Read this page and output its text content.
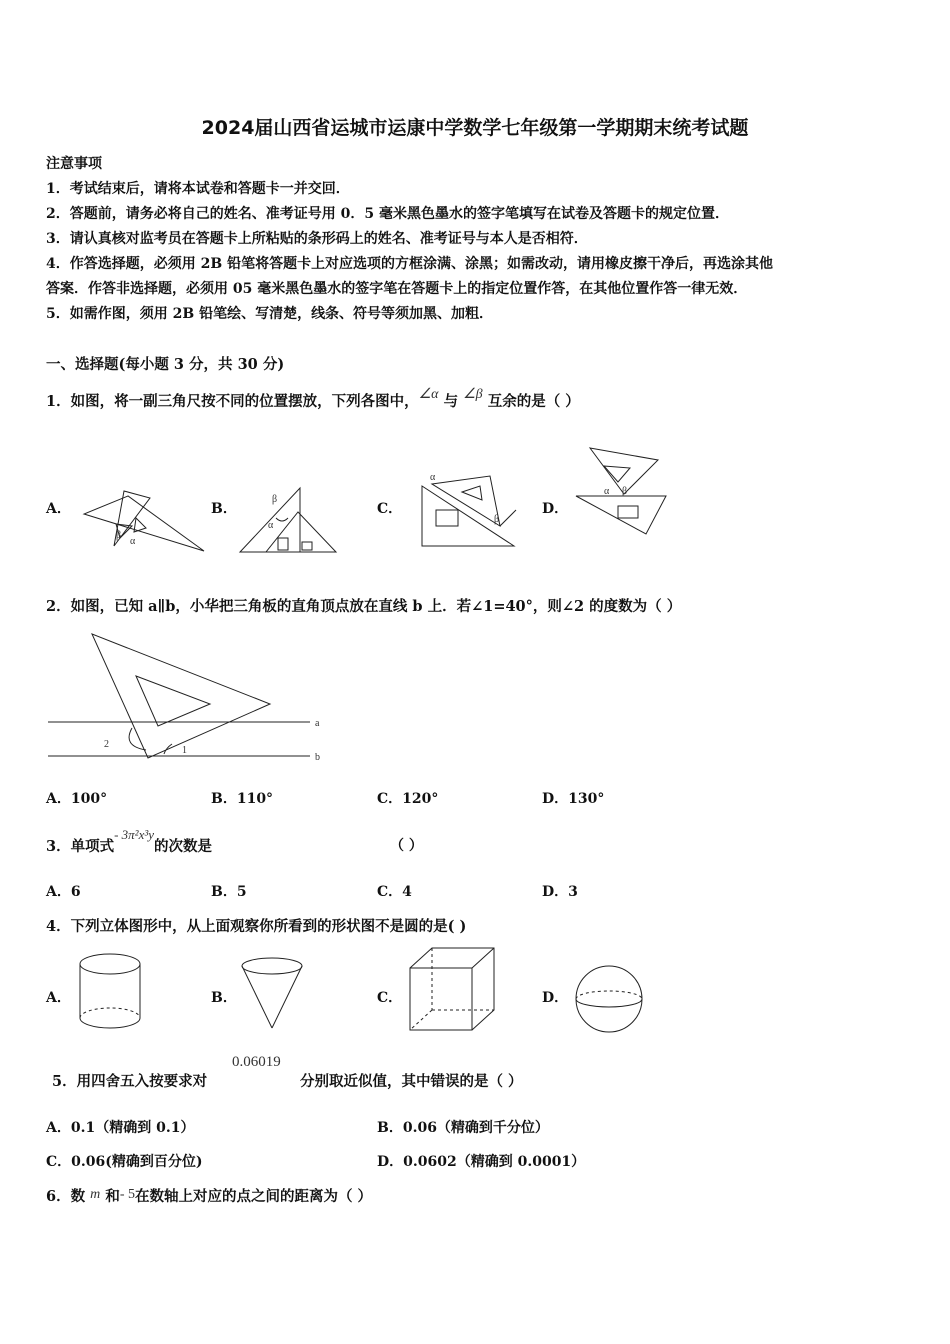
2024届山西省运城市运康中学数学七年级第一学期期末统考试题
注意事项
1．考试结束后，请将本试卷和答题卡一并交回．
2．答题前，请务必将自己的姓名、准考证号用 0．5 毫米黑色墨水的签字笔填写在试卷及答题卡的规定位置．
3．请认真核对监考员在答题卡上所粘贴的条形码上的姓名、准考证号与本人是否相符．
4．作答选择题，必须用 2B 铅笔将答题卡上对应选项的方框涂满、涂黑；如需改动，请用橡皮擦干净后，再选涂其他
答案．作答非选择题，必须用 05 毫米黑色墨水的签字笔在答题卡上的指定位置作答，在其他位置作答一律无效．
5．如需作图，须用 2B 铅笔绘、写清楚，线条、符号等须加黑、加粗．
一、选择题(每小题 3 分，共 30 分)
1．如图，将一副三角尺按不同的位置摆放，下列各图中，∠α 与 ∠β 互余的是（ ）
A．	B．	C．	D．
β
α
β
α
α
β
α β
2．如图，已知 a∥b，小华把三角板的直角顶点放在直线 b 上．若∠1=40°，则∠2 的度数为（ ）
a
b
1
2
A．100°	B．110°	C．120°	D．130°
3．单项式- 3π²x³y的次数是	（ ）
A．6	B．5	C．4	D．3
4．下列立体图形中，从上面观察你所看到的形状图不是圆的是( )
A．	B．	C．	D．
5．用四舍五入按要求对
0.06019
分别取近似值，其中错误的是（ ）
A．0.1（精确到 0.1）	B．0.06（精确到千分位）
C．0.06(精确到百分位)	D．0.0602（精确到 0.0001）
6．数 m 和- 5在数轴上对应的点之间的距离为（ ）
